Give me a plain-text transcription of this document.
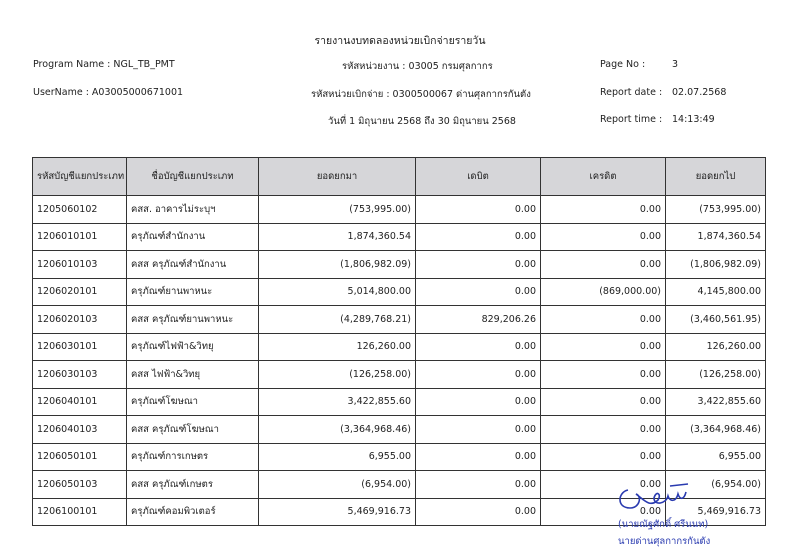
รายงานงบทดลองหน่วยเบิกจ่ายรายวัน
Program Name : NGL_TB_PMT
UserName : A03005000671001
รหัสหน่วยงาน : 03005 กรมศุลกากร
รหัสหน่วยเบิกจ่าย : 0300500067 ด่านศุลกากรกันตัง
วันที่ 1 มิถุนายน 2568 ถึง 30 มิถุนายน 2568
Page No :	3
Report date : 02.07.2568
Report time : 14:13:49
รหัสบัญชีแยกประเภท	ชื่อบัญชีแยกประเภท	ยอดยกมา	เดบิต	เครดิต	ยอดยกไป
1205060102	คสส. อาคารไม่ระบุฯ	(753,995.00)	0.00	0.00	(753,995.00)
1206010101	ครุภัณฑ์สำนักงาน	1,874,360.54	0.00	0.00	1,874,360.54
1206010103	คสส ครุภัณฑ์สำนักงาน	(1,806,982.09)	0.00	0.00	(1,806,982.09)
1206020101	ครุภัณฑ์ยานพาหนะ	5,014,800.00	0.00	(869,000.00)	4,145,800.00
1206020103	คสส ครุภัณฑ์ยานพาหนะ	(4,289,768.21)	829,206.26	0.00	(3,460,561.95)
1206030101	ครุภัณฑ์ไฟฟ้า&วิทยุ	126,260.00	0.00	0.00	126,260.00
1206030103	คสส ไฟฟ้า&วิทยุ	(126,258.00)	0.00	0.00	(126,258.00)
1206040101	ครุภัณฑ์โฆษณา	3,422,855.60	0.00	0.00	3,422,855.60
1206040103	คสส ครุภัณฑ์โฆษณา	(3,364,968.46)	0.00	0.00	(3,364,968.46)
1206050101	ครุภัณฑ์การเกษตร	6,955.00	0.00	0.00	6,955.00
1206050103	คสส ครุภัณฑ์เกษตร	(6,954.00)	0.00	0.00	(6,954.00)
1206100101	ครุภัณฑ์คอมพิวเตอร์	5,469,916.73	0.00	0.00	5,469,916.73
(นายณัฐศักดิ์ ศรีนนท)
นายด่านศุลกากรกันตัง
